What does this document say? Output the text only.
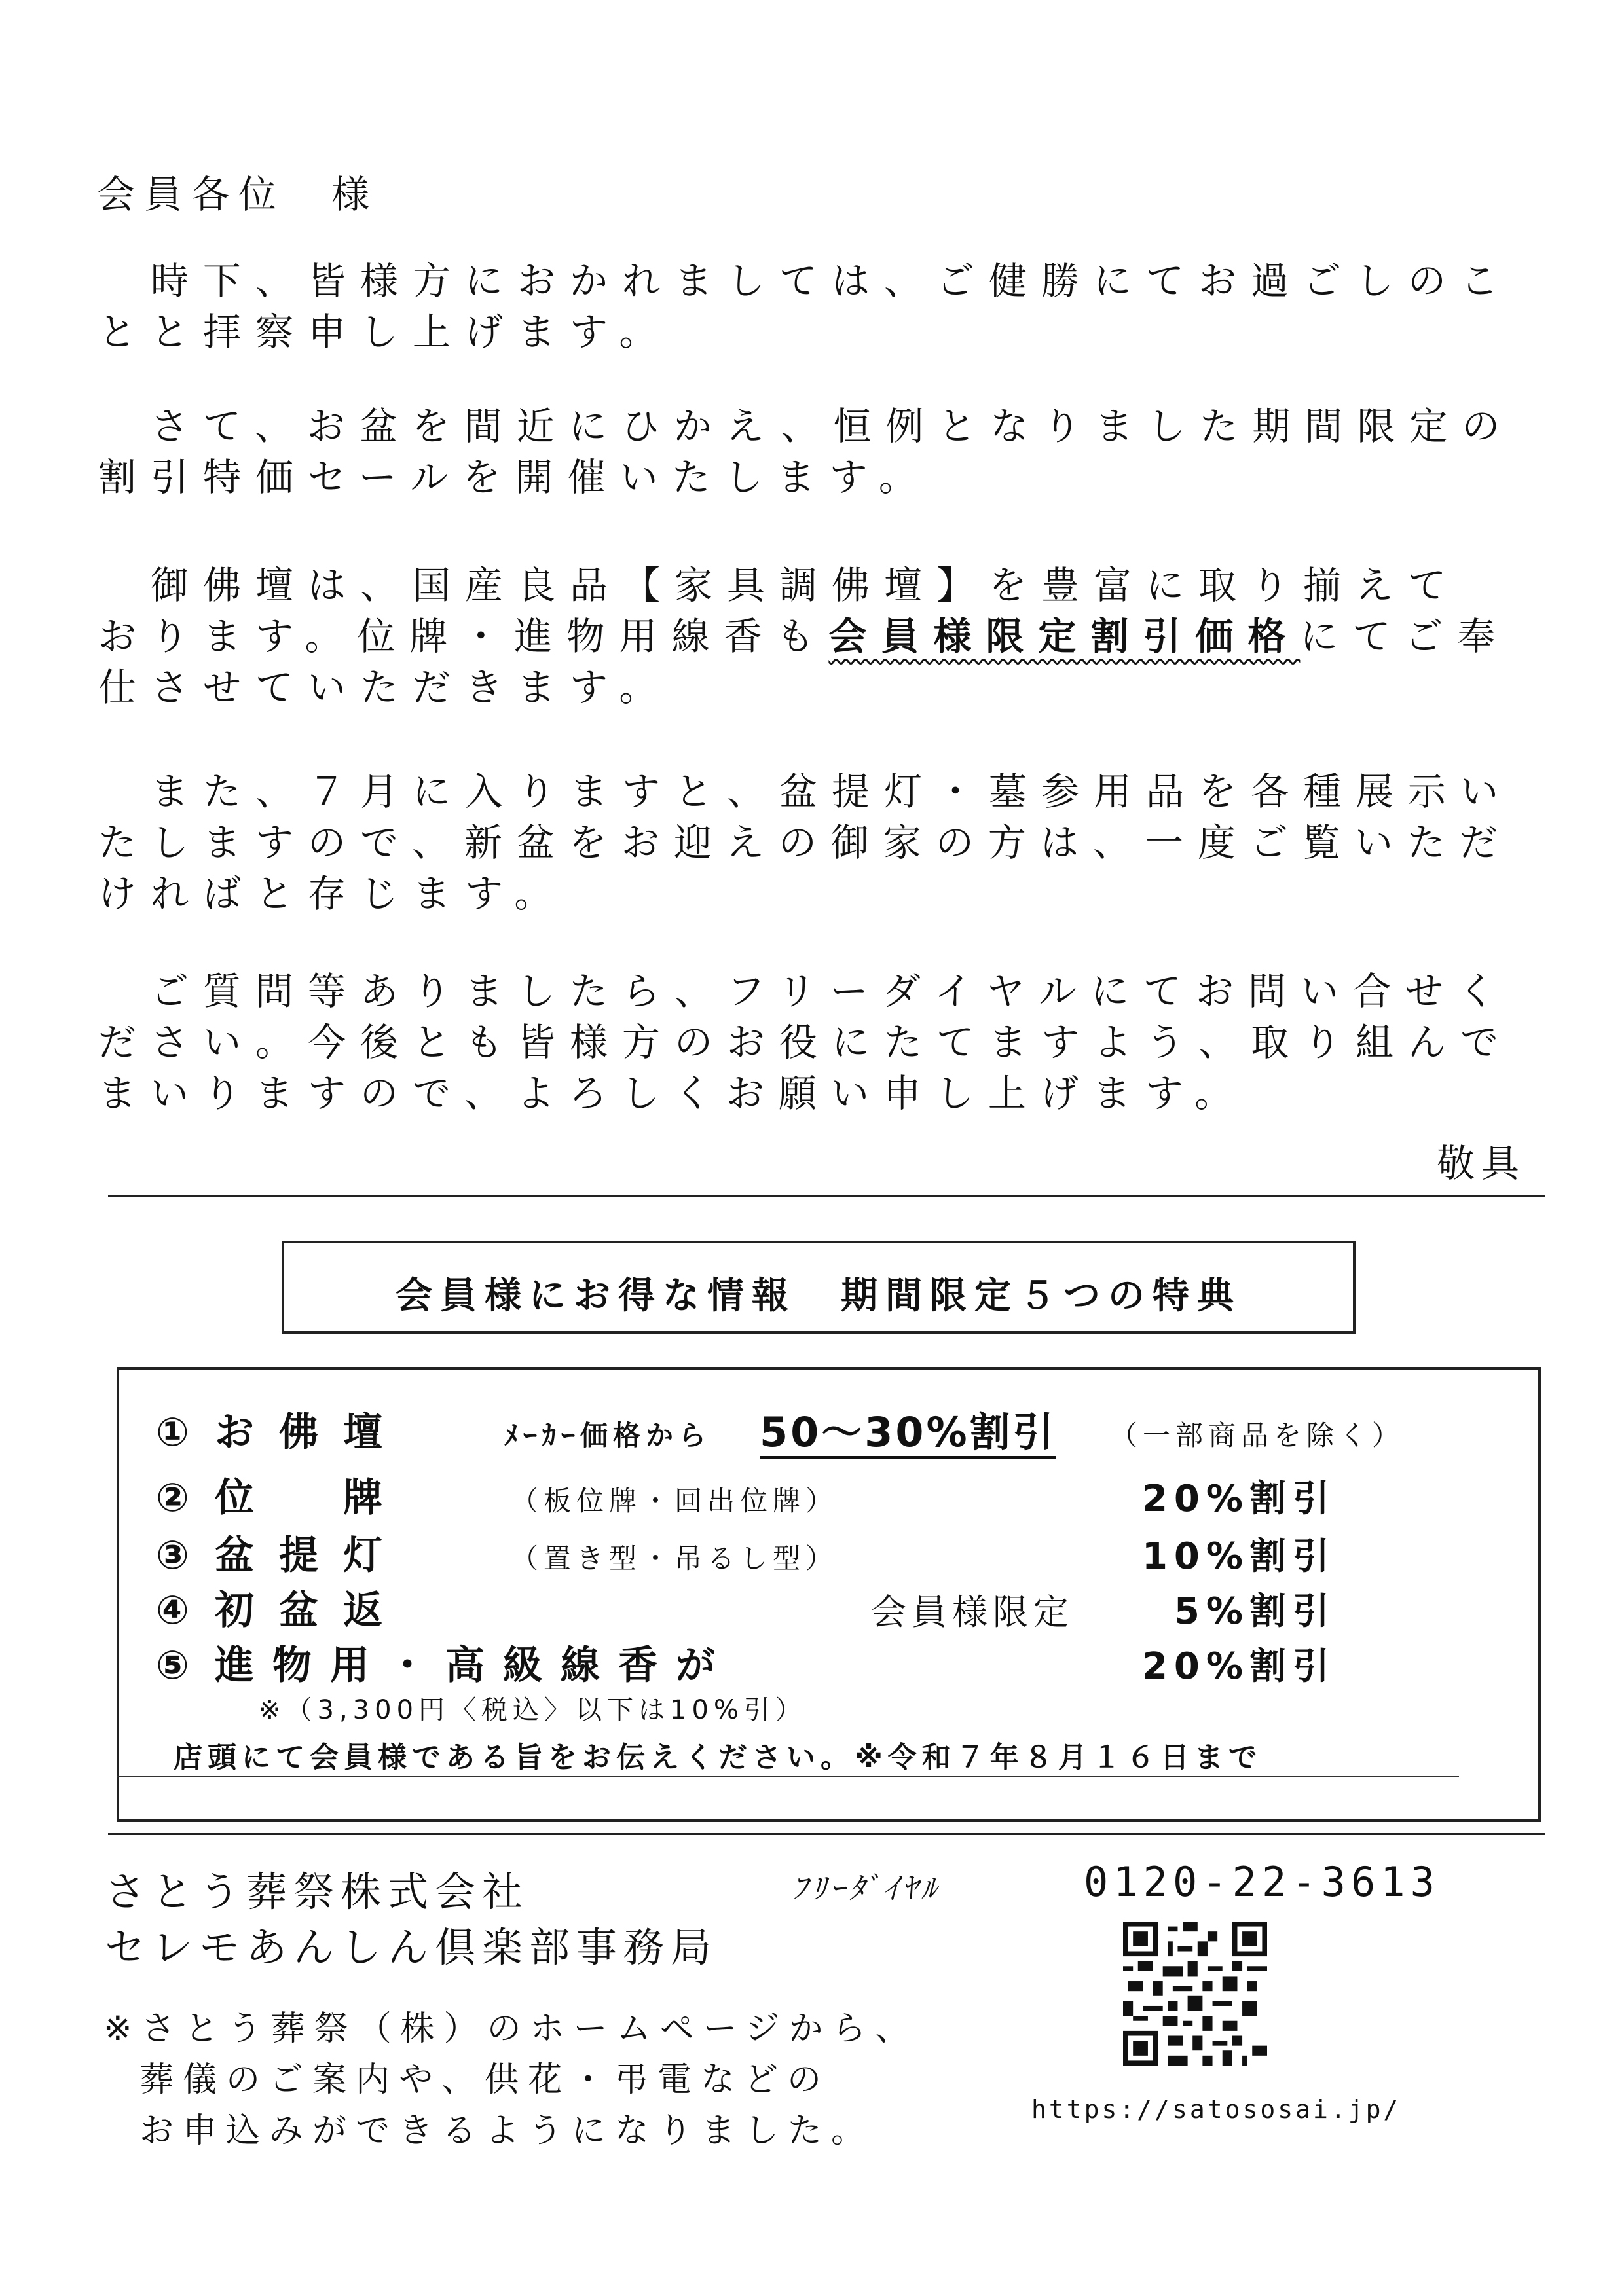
会員各位 様

時下、皆様方におかれましては、ご健勝にてお過ごしのこ

とと拝察申し上げます。

さて、お盆を間近にひかえ、恒例となりました期間限定の

割引特価セールを開催いたします。

御佛壇は、国産良品【家具調佛壇】を豊富に取り揃えて

おります。位牌・進物用線香も会員様限定割引価格にてご奉

仕させていただきます。

また、７月に入りますと、盆提灯・墓参用品を各種展示い

たしますので、新盆をお迎えの御家の方は、一度ご覧いただ

ければと存じます。

ご質問等ありましたら、フリーダイヤルにてお問い合せく

ださい。今後とも皆様方のお役にたてますよう、取り組んで

まいりますので、よろしくお願い申し上げます。

敬具
会員様にお得な情報　期間限定５つの特典
① お佛壇	ﾒｰｶｰ価格から 50～30%割引 （一部商品を除く）
② 位　牌	（板位牌・回出位牌）	20%割引
③ 盆提灯	（置き型・吊るし型）	10%割引
④ 初盆返	会員様限定	5%割引
⑤ 進物用・高級線香が	20%割引
※（3,300円〈税込〉以下は10%引）
店頭にて会員様である旨をお伝えください。※令和７年８月１６日まで
さとう葬祭株式会社
セレモあんしん倶楽部事務局
ﾌﾘｰﾀﾞｲﾔﾙ	0120-22-3613
※さとう葬祭（株）のホームページから、
葬儀のご案内や、供花・弔電などの
お申込みができるようになりました。
https://satososai.jp/
